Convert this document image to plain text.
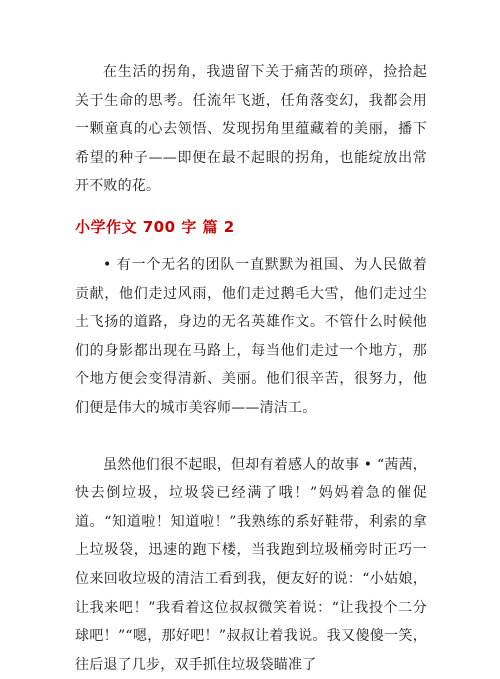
在生活的拐角，我遗留下关于痛苦的琐碎，捡拾起关于生命的思考。任流年飞逝，任角落变幻，我都会用一颗童真的心去领悟、发现拐角里蕴藏着的美丽，播下希望的种子——即便在最不起眼的拐角，也能绽放出常开不败的花。

小学作文 700 字 篇 2

• 有一个无名的团队一直默默为祖国、为人民做着贡献，他们走过风雨，他们走过鹅毛大雪，他们走过尘土飞扬的道路，身边的无名英雄作文。不管什么时候他们的身影都出现在马路上，每当他们走过一个地方，那个地方便会变得清新、美丽。他们很辛苦，很努力，他们便是伟大的城市美容师——清洁工。

虽然他们很不起眼，但却有着感人的故事 • “茜茜，快去倒垃圾，垃圾袋已经满了哦！”妈妈着急的催促道。“知道啦！知道啦！”我熟练的系好鞋带，利索的拿上垃圾袋，迅速的跑下楼，当我跑到垃圾桶旁时正巧一位来回收垃圾的清洁工看到我，便友好的说：“小姑娘，让我来吧！”我看着这位叔叔微笑着说：“让我投个二分球吧！”“嗯，那好吧！”叔叔让着我说。我又傻傻一笑，往后退了几步，双手抓住垃圾袋瞄准了
